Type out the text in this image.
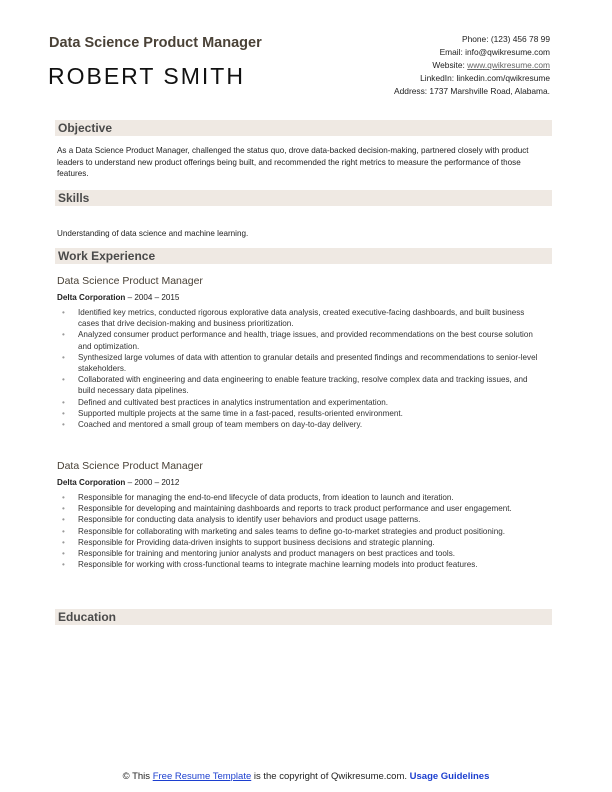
Data Science Product Manager
ROBERT SMITH
Phone: (123) 456 78 99
Email: info@qwikresume.com
Website: www.qwikresume.com
LinkedIn: linkedin.com/qwikresume
Address: 1737 Marshville Road, Alabama.
Objective
As a Data Science Product Manager, challenged the status quo, drove data-backed decision-making, partnered closely with product leaders to understand new product offerings being built, and recommended the right metrics to measure the performance of those features.
Skills
Understanding of data science and machine learning.
Work Experience
Data Science Product Manager
Delta Corporation – 2004 – 2015
• Identified key metrics, conducted rigorous explorative data analysis, created executive-facing dashboards, and built business cases that drive decision-making and business prioritization.
• Analyzed consumer product performance and health, triage issues, and provided recommendations on the best course solution and optimization.
• Synthesized large volumes of data with attention to granular details and presented findings and recommendations to senior-level stakeholders.
• Collaborated with engineering and data engineering to enable feature tracking, resolve complex data and tracking issues, and build necessary data pipelines.
• Defined and cultivated best practices in analytics instrumentation and experimentation.
• Supported multiple projects at the same time in a fast-paced, results-oriented environment.
• Coached and mentored a small group of team members on day-to-day delivery.
Data Science Product Manager
Delta Corporation – 2000 – 2012
• Responsible for managing the end-to-end lifecycle of data products, from ideation to launch and iteration.
• Responsible for developing and maintaining dashboards and reports to track product performance and user engagement.
• Responsible for conducting data analysis to identify user behaviors and product usage patterns.
• Responsible for collaborating with marketing and sales teams to define go-to-market strategies and product positioning.
• Responsible for Providing data-driven insights to support business decisions and strategic planning.
• Responsible for training and mentoring junior analysts and product managers on best practices and tools.
• Responsible for working with cross-functional teams to integrate machine learning models into product features.
Education
© This Free Resume Template is the copyright of Qwikresume.com. Usage Guidelines
